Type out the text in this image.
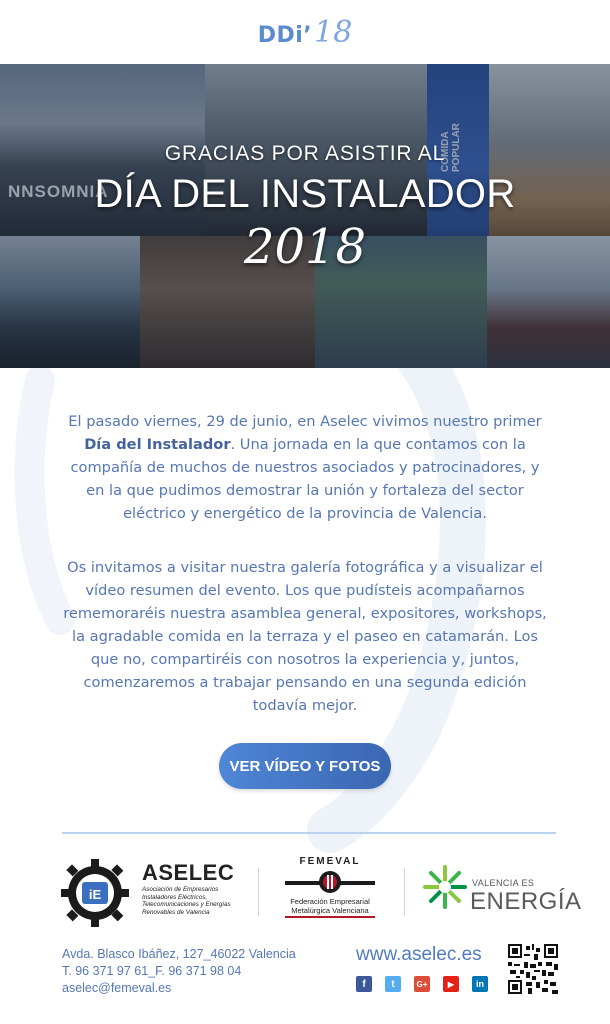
DDi’ 18
NNSOMNIA
COMIDA POPULAR
GRACIAS POR ASISTIR AL
DÍA DEL INSTALADOR
2018

El pasado viernes, 29 de junio, en Aselec vivimos nuestro primer Día del Instalador. Una jornada en la que contamos con la compañía de muchos de nuestros asociados y patrocinadores, y en la que pudimos demostrar la unión y fortaleza del sector eléctrico y energético de la provincia de Valencia.

Os invitamos a visitar nuestra galería fotográfica y a visualizar el vídeo resumen del evento. Los que pudísteis acompañarnos rememoraréis nuestra asamblea general, expositores, workshops, la agradable comida en la terraza y el paseo en catamarán. Los que no, compartiréis con nosotros la experiencia y, juntos, comenzaremos a trabajar pensando en una segunda edición todavía mejor.

VER VÍDEO Y FOTOS
iE
ASELEC
Asociación de Empresarios Instaladores Eléctricos, Telecomunicaciones y Energías Renovables de Valencia
FEMEVAL
Federación Empresarial
Metalúrgica Valenciana
VALENCIA ES
ENERGÍA
Avda. Blasco Ibáñez, 127_46022 Valencia
T. 96 371 97 61_F. 96 371 98 04
aselec@femeval.es
www.aselec.es
f	t	G+	▶	in
